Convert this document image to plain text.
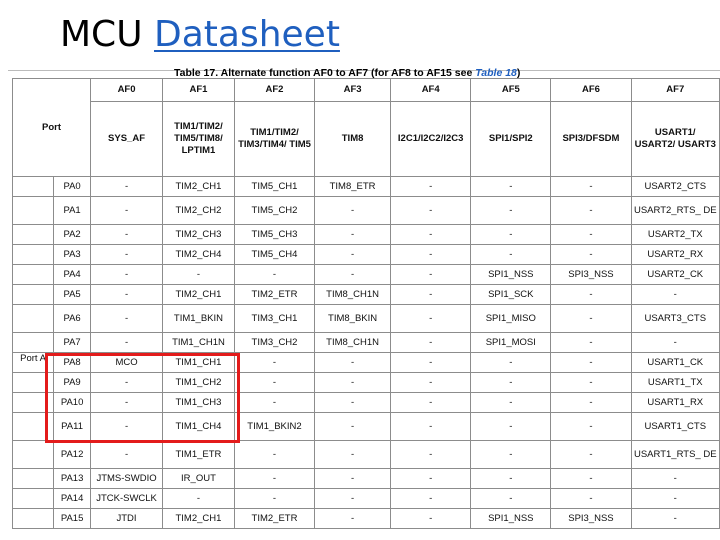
MCU Datasheet
Table 17. Alternate function AF0 to AF7 (for AF8 to AF15 see Table 18)
Port		AF0	AF1	AF2	AF3	AF4	AF5	AF6	AF7
		SYS_AF	TIM1/TIM2/ TIM5/TIM8/ LPTIM1	TIM1/TIM2/ TIM3/TIM4/ TIM5	TIM8	I2C1/I2C2/I2C3	SPI1/SPI2	SPI3/DFSDM	USART1/ USART2/ USART3
	PA0	-	TIM2_CH1	TIM5_CH1	TIM8_ETR	-	-	-	USART2_CTS
	PA1	-	TIM2_CH2	TIM5_CH2	-	-	-	-	USART2_RTS_ DE
	PA2	-	TIM2_CH3	TIM5_CH3	-	-	-	-	USART2_TX
	PA3	-	TIM2_CH4	TIM5_CH4	-	-	-	-	USART2_RX
	PA4	-	-	-	-	-	SPI1_NSS	SPI3_NSS	USART2_CK
	PA5	-	TIM2_CH1	TIM2_ETR	TIM8_CH1N	-	SPI1_SCK	-	-
	PA6	-	TIM1_BKIN	TIM3_CH1	TIM8_BKIN	-	SPI1_MISO	-	USART3_CTS
	PA7	-	TIM1_CH1N	TIM3_CH2	TIM8_CH1N	-	SPI1_MOSI	-	-
Port A	PA8	MCO	TIM1_CH1	-	-	-	-	-	USART1_CK
	PA9	-	TIM1_CH2	-	-	-	-	-	USART1_TX
	PA10	-	TIM1_CH3	-	-	-	-	-	USART1_RX
	PA11	-	TIM1_CH4	TIM1_BKIN2	-	-	-	-	USART1_CTS
	PA12	-	TIM1_ETR	-	-	-	-	-	USART1_RTS_ DE
	PA13	JTMS-SWDIO	IR_OUT	-	-	-	-	-	-
	PA14	JTCK-SWCLK	-	-	-	-	-	-	-
	PA15	JTDI	TIM2_CH1	TIM2_ETR	-	-	SPI1_NSS	SPI3_NSS	-
